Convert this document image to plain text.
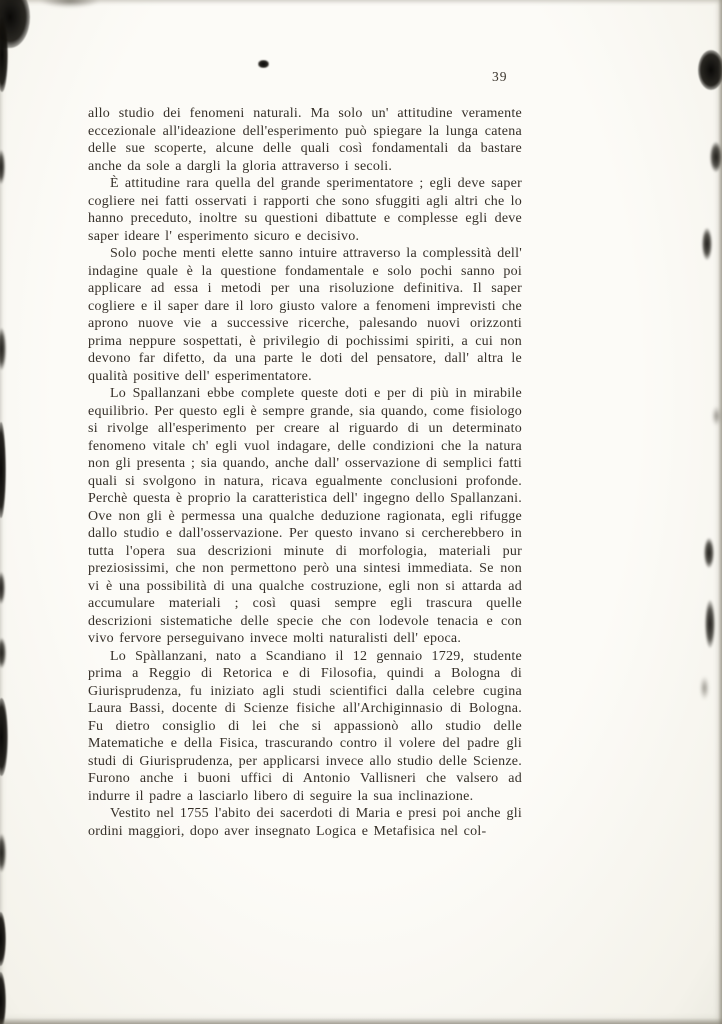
39

allo studio dei fenomeni naturali. Ma solo un' attitudine veramente eccezionale all'ideazione dell'esperimento può spiegare la lunga catena delle sue scoperte, alcune delle quali così fondamentali da bastare anche da sole a dargli la gloria attraverso i secoli.

È attitudine rara quella del grande sperimentatore ; egli deve saper cogliere nei fatti osservati i rapporti che sono sfuggiti agli altri che lo hanno preceduto, inoltre su questioni dibattute e complesse egli deve saper ideare l' esperimento sicuro e decisivo.

Solo poche menti elette sanno intuire attraverso la complessità dell' indagine quale è la questione fondamentale e solo pochi sanno poi applicare ad essa i metodi per una risoluzione definitiva. Il saper cogliere e il saper dare il loro giusto valore a fenomeni imprevisti che aprono nuove vie a successive ricerche, palesando nuovi orizzonti prima neppure sospettati, è privilegio di pochissimi spiriti, a cui non devono far difetto, da una parte le doti del pensatore, dall' altra le qualità positive dell' esperimentatore.

Lo Spallanzani ebbe complete queste doti e per di più in mirabile equilibrio. Per questo egli è sempre grande, sia quando, come fisiologo si rivolge all'esperimento per creare al riguardo di un determinato fenomeno vitale ch' egli vuol indagare, delle condizioni che la natura non gli presenta ; sia quando, anche dall' osservazione di semplici fatti quali si svolgono in natura, ricava egualmente conclusioni profonde. Perchè questa è proprio la caratteristica dell' ingegno dello Spallanzani. Ove non gli è permessa una qualche deduzione ragionata, egli rifugge dallo studio e dall'osservazione. Per questo invano si cercherebbero in tutta l'opera sua descrizioni minute di morfologia, materiali pur preziosissimi, che non permettono però una sintesi immediata. Se non vi è una possibilità di una qualche costruzione, egli non si attarda ad accumulare materiali ; così quasi sempre egli trascura quelle descrizioni sistematiche delle specie che con lodevole tenacia e con vivo fervore perseguivano invece molti naturalisti dell' epoca.

Lo Spàllanzani, nato a Scandiano il 12 gennaio 1729, studente prima a Reggio di Retorica e di Filosofia, quindi a Bologna di Giurisprudenza, fu iniziato agli studi scientifici dalla celebre cugina Laura Bassi, docente di Scienze fisiche all'Archiginnasio di Bologna. Fu dietro consiglio di lei che si appassionò allo studio delle Matematiche e della Fisica, trascurando contro il volere del padre gli studi di Giurisprudenza, per applicarsi invece allo studio delle Scienze. Furono anche i buoni uffici di Antonio Vallisneri che valsero ad indurre il padre a lasciarlo libero di seguire la sua inclinazione.

Vestito nel 1755 l'abito dei sacerdoti di Maria e presi poi anche gli ordini maggiori, dopo aver insegnato Logica e Metafisica nel col-
